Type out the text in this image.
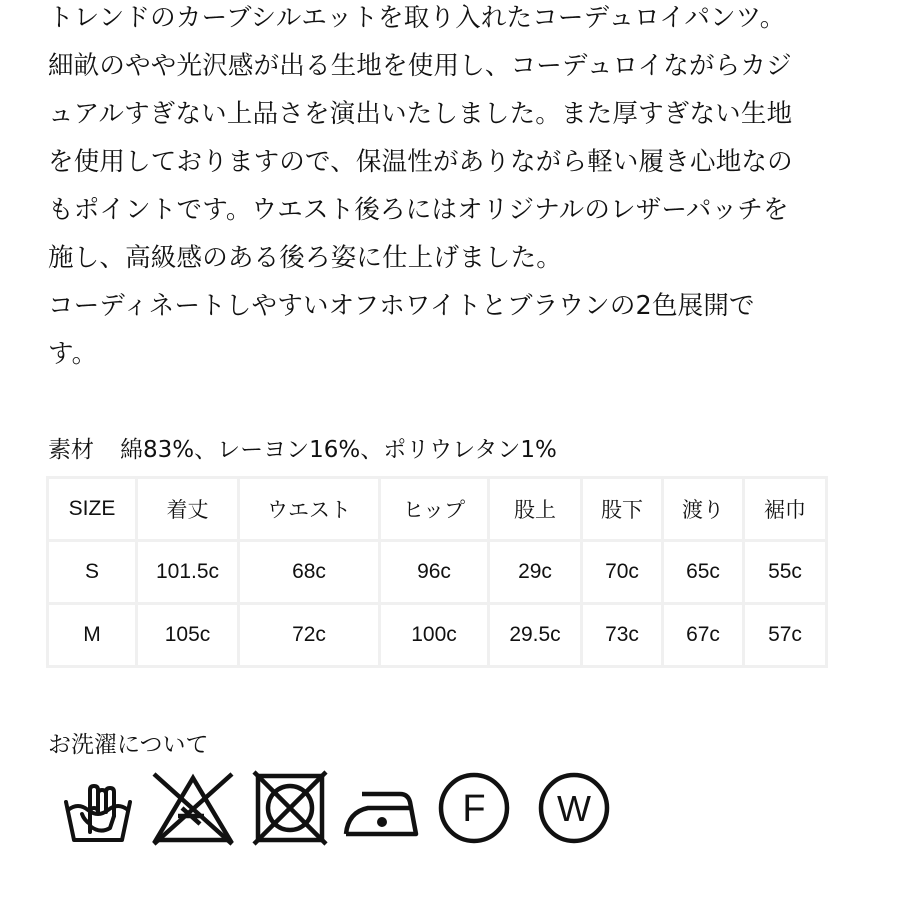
トレンドのカーブシルエットを取り入れたコーデュロイパンツ。
細畝のやや光沢感が出る生地を使用し、コーデュロイながらカジ
ュアルすぎない上品さを演出いたしました。また厚すぎない生地
を使用しておりますので、保温性がありながら軽い履き心地なの
もポイントです。ウエスト後ろにはオリジナルのレザーパッチを
施し、高級感のある後ろ姿に仕上げました。
コーディネートしやすいオフホワイトとブラウンの2色展開で
す。
素材 綿83%、レーヨン16%、ポリウレタン1%
SIZE	着丈	ウエスト	ヒップ	股上	股下	渡り	裾巾
S	101.5c	68c	96c	29c	70c	65c	55c
M	105c	72c	100c	29.5c	73c	67c	57c
お洗濯について
F W
